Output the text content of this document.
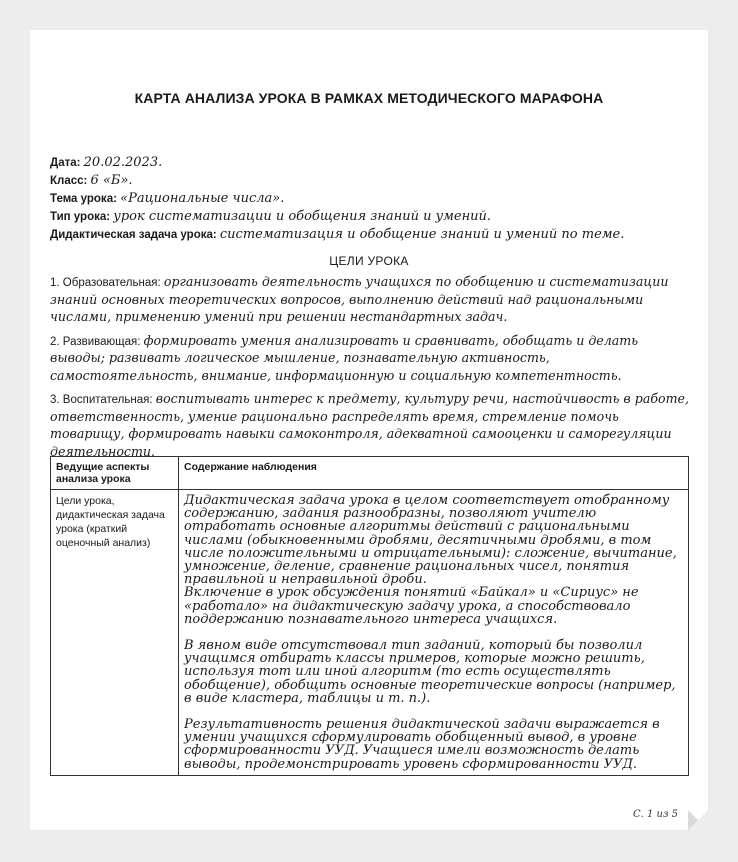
КАРТА АНАЛИЗА УРОКА В РАМКАХ МЕТОДИЧЕСКОГО МАРАФОНА
Дата: 20.02.2023.
Класс: 6 «Б».
Тема урока: «Рациональные числа».
Тип урока: урок систематизации и обобщения знаний и умений.
Дидактическая задача урока: систематизация и обобщение знаний и умений по теме.
ЦЕЛИ УРОКА
1. Образовательная: организовать деятельность учащихся по обобщению и систематизации знаний основных теоретических вопросов, выполнению действий над рациональными числами, применению умений при решении нестандартных задач.
2. Развивающая: формировать умения анализировать и сравнивать, обобщать и делать выводы; развивать логическое мышление, познавательную активность, самостоятельность, внимание, информационную и социальную компетентность.
3. Воспитательная: воспитывать интерес к предмету, культуру речи, настойчивость в работе, ответственность, умение рационально распределять время, стремление помочь товарищу, формировать навыки самоконтроля, адекватной самооценки и саморегуляции деятельности.
Ведущие аспекты анализа урока	Содержание наблюдения
Цели урока, дидактическая задача урока (краткий оценочный анализ)	Дидактическая задача урока в целом соответствует отобранному содержанию, задания разнообразны, позволяют учителю отработать основные алгоритмы действий с рациональными числами (обыкновенными дробями, десятичными дробями, в том числе положительными и отрицательными): сложение, вычитание, умножение, деление, сравнение рациональных чисел, понятия правильной и неправильной дроби.

Включение в урок обсуждения понятий «Байкал» и «Сириус» не «работало» на дидактическую задачу урока, а способствовало поддержанию познавательного интереса учащихся.

В явном виде отсутствовал тип заданий, который бы позволил учащимся отбирать классы примеров, которые можно решить, используя тот или иной алгоритм (то есть осуществлять обобщение), обобщить основные теоретические вопросы (например, в виде кластера, таблицы и т. п.).

Результативность решения дидактической задачи выражается в умении учащихся сформулировать обобщенный вывод, в уровне сформированности УУД. Учащиеся имели возможность делать выводы, продемонстрировать уровень сформированности УУД.

С. 1 из 5
